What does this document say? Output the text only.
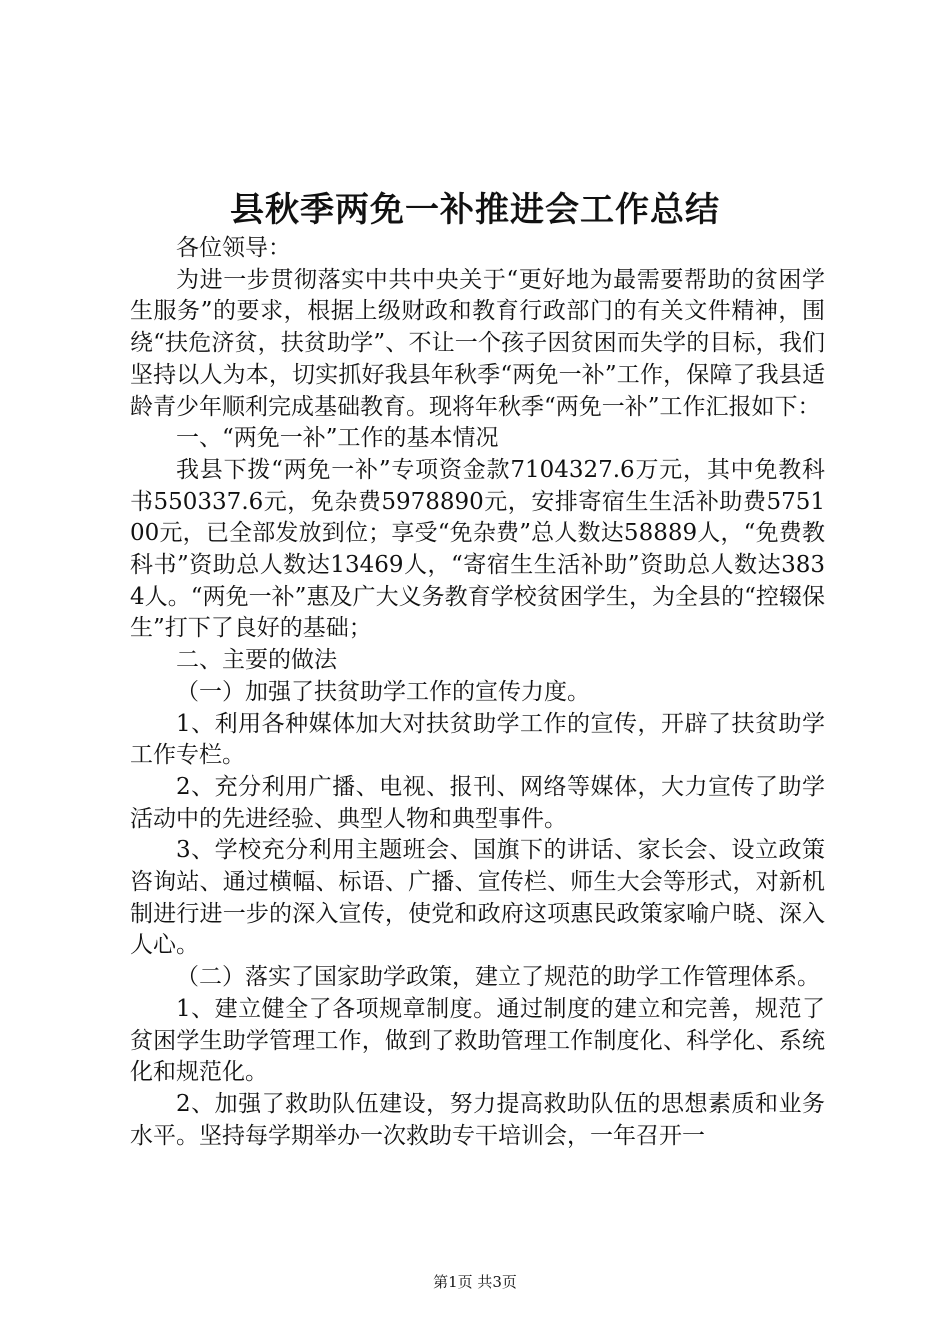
县秋季两免一补推进会工作总结

各位领导：

为进一步贯彻落实中共中央关于“更好地为最需要帮助的贫困学生服务”的要求，根据上级财政和教育行政部门的有关文件精神，围绕“扶危济贫，扶贫助学”、不让一个孩子因贫困而失学的目标，我们坚持以人为本，切实抓好我县年秋季“两免一补”工作，保障了我县适龄青少年顺利完成基础教育。现将年秋季“两免一补”工作汇报如下：

一、“两免一补”工作的基本情况

我县下拨“两免一补”专项资金款7104327.6万元，其中免教科书550337.6元，免杂费5978890元，安排寄宿生生活补助费575100元，已全部发放到位；享受“免杂费”总人数达58889人，“免费教科书”资助总人数达13469人，“寄宿生生活补助”资助总人数达3834人。“两免一补”惠及广大义务教育学校贫困学生，为全县的“控辍保生”打下了良好的基础；

二、主要的做法

（一）加强了扶贫助学工作的宣传力度。

1、利用各种媒体加大对扶贫助学工作的宣传，开辟了扶贫助学工作专栏。

2、充分利用广播、电视、报刊、网络等媒体，大力宣传了助学活动中的先进经验、典型人物和典型事件。

3、学校充分利用主题班会、国旗下的讲话、家长会、设立政策咨询站、通过横幅、标语、广播、宣传栏、师生大会等形式，对新机制进行进一步的深入宣传，使党和政府这项惠民政策家喻户晓、深入人心。

（二）落实了国家助学政策，建立了规范的助学工作管理体系。

1、建立健全了各项规章制度。通过制度的建立和完善，规范了贫困学生助学管理工作，做到了救助管理工作制度化、科学化、系统化和规范化。

2、加强了救助队伍建设，努力提高救助队伍的思想素质和业务水平。坚持每学期举办一次救助专干培训会，一年召开一

第1页 共3页
